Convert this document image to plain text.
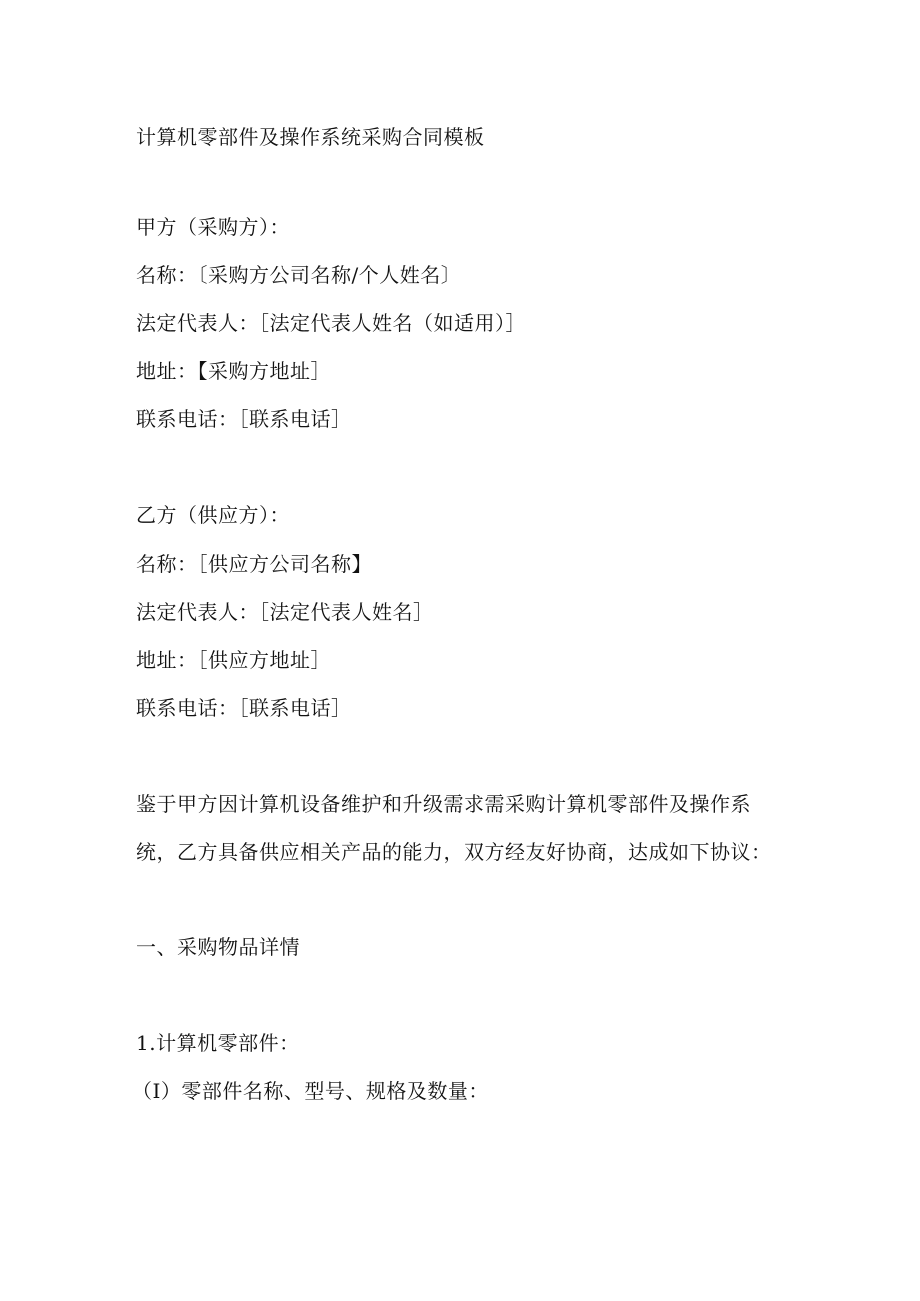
计算机零部件及操作系统采购合同模板
甲方（采购方）：
名称：〔采购方公司名称/个人姓名〕
法定代表人：［法定代表人姓名（如适用）］
地址：【采购方地址］
联系电话：［联系电话］
乙方（供应方）：
名称：［供应方公司名称】
法定代表人：［法定代表人姓名］
地址：［供应方地址］
联系电话：［联系电话］
鉴于甲方因计算机设备维护和升级需求需采购计算机零部件及操作系
统，乙方具备供应相关产品的能力，双方经友好协商，达成如下协议：
一、采购物品详情
1.计算机零部件：
（I）零部件名称、型号、规格及数量：
